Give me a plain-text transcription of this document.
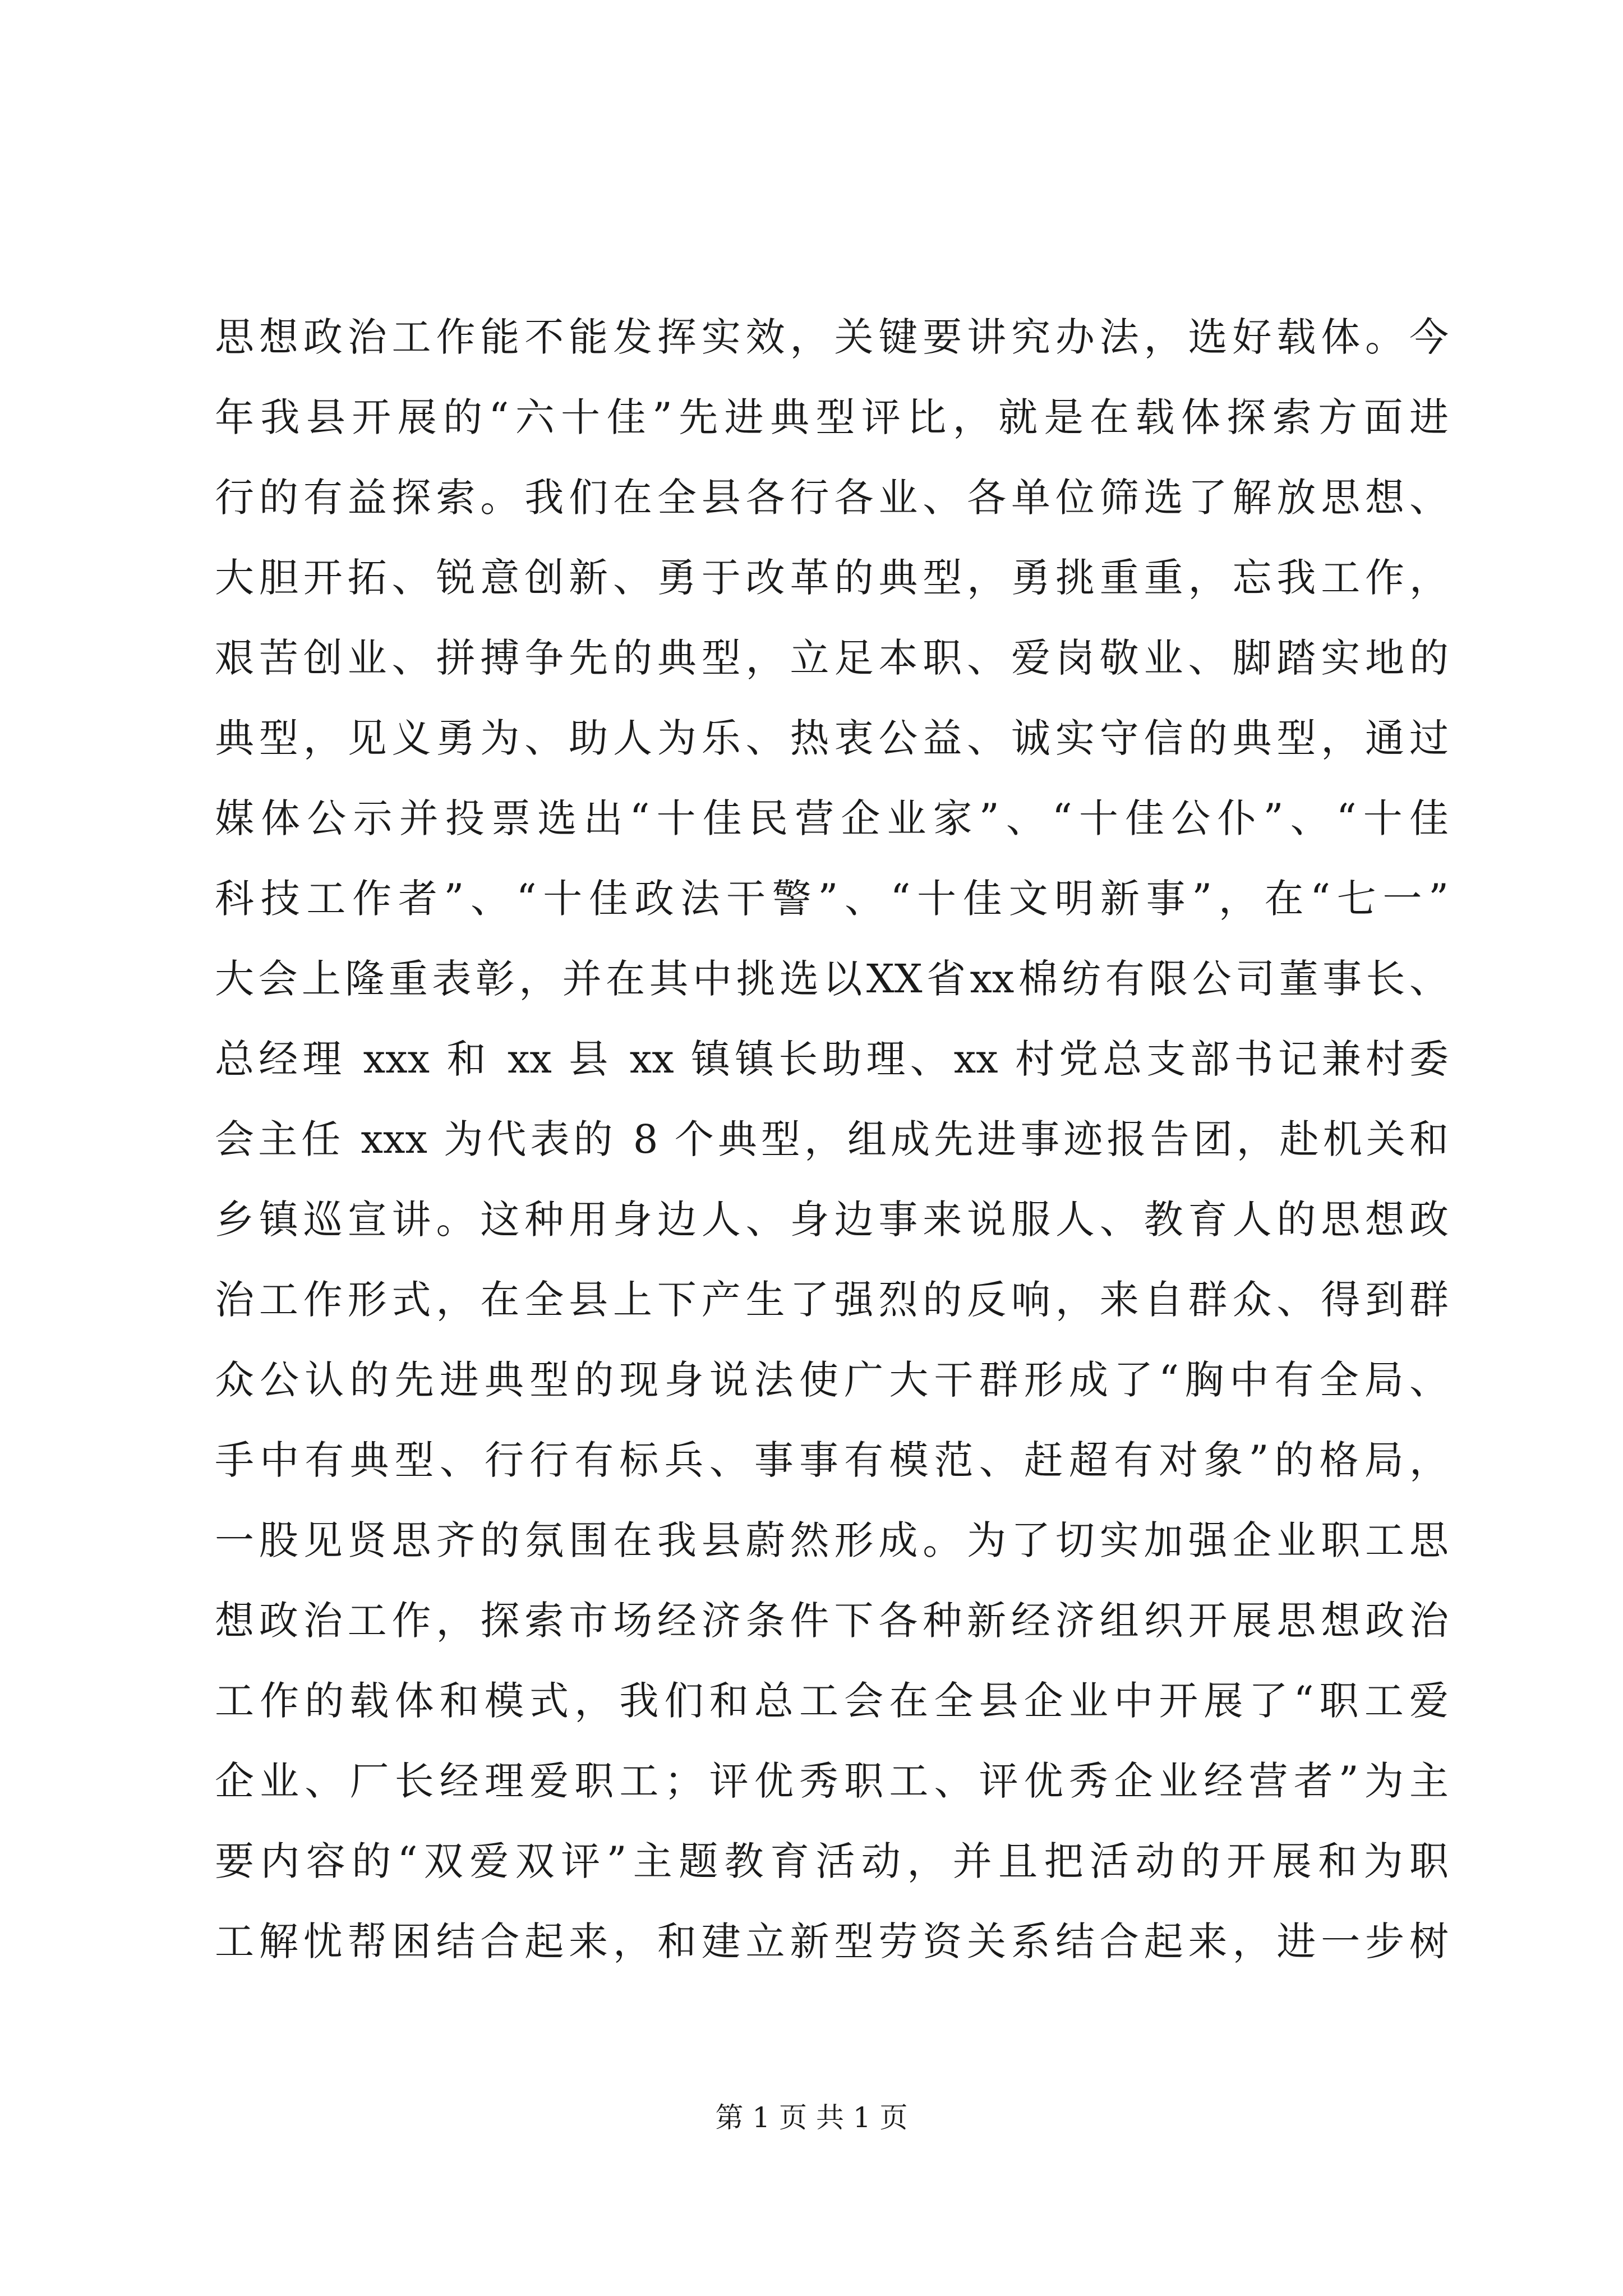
思想政治工作能不能发挥实效，关键要讲究办法，选好载体。今
年我县开展的“六十佳”先进典型评比，就是在载体探索方面进
行的有益探索。我们在全县各行各业、各单位筛选了解放思想、
大胆开拓、锐意创新、勇于改革的典型，勇挑重重，忘我工作，
艰苦创业、拼搏争先的典型，立足本职、爱岗敬业、脚踏实地的
典型，见义勇为、助人为乐、热衷公益、诚实守信的典型，通过
媒体公示并投票选出“十佳民营企业家”、“十佳公仆”、“十佳
科技工作者”、“十佳政法干警”、“十佳文明新事”，在“七一”
大会上隆重表彰，并在其中挑选以XX省xx棉纺有限公司董事长、
总经理 xxx 和 xx 县 xx 镇镇长助理、xx 村党总支部书记兼村委
会主任 xxx 为代表的 8 个典型，组成先进事迹报告团，赴机关和
乡镇巡宣讲。这种用身边人、身边事来说服人、教育人的思想政
治工作形式，在全县上下产生了强烈的反响，来自群众、得到群
众公认的先进典型的现身说法使广大干群形成了“胸中有全局、
手中有典型、行行有标兵、事事有模范、赶超有对象”的格局，
一股见贤思齐的氛围在我县蔚然形成。为了切实加强企业职工思
想政治工作，探索市场经济条件下各种新经济组织开展思想政治
工作的载体和模式，我们和总工会在全县企业中开展了“职工爱
企业、厂长经理爱职工；评优秀职工、评优秀企业经营者”为主
要内容的“双爱双评”主题教育活动，并且把活动的开展和为职
工解忧帮困结合起来，和建立新型劳资关系结合起来，进一步树
第 1 页 共 1 页
